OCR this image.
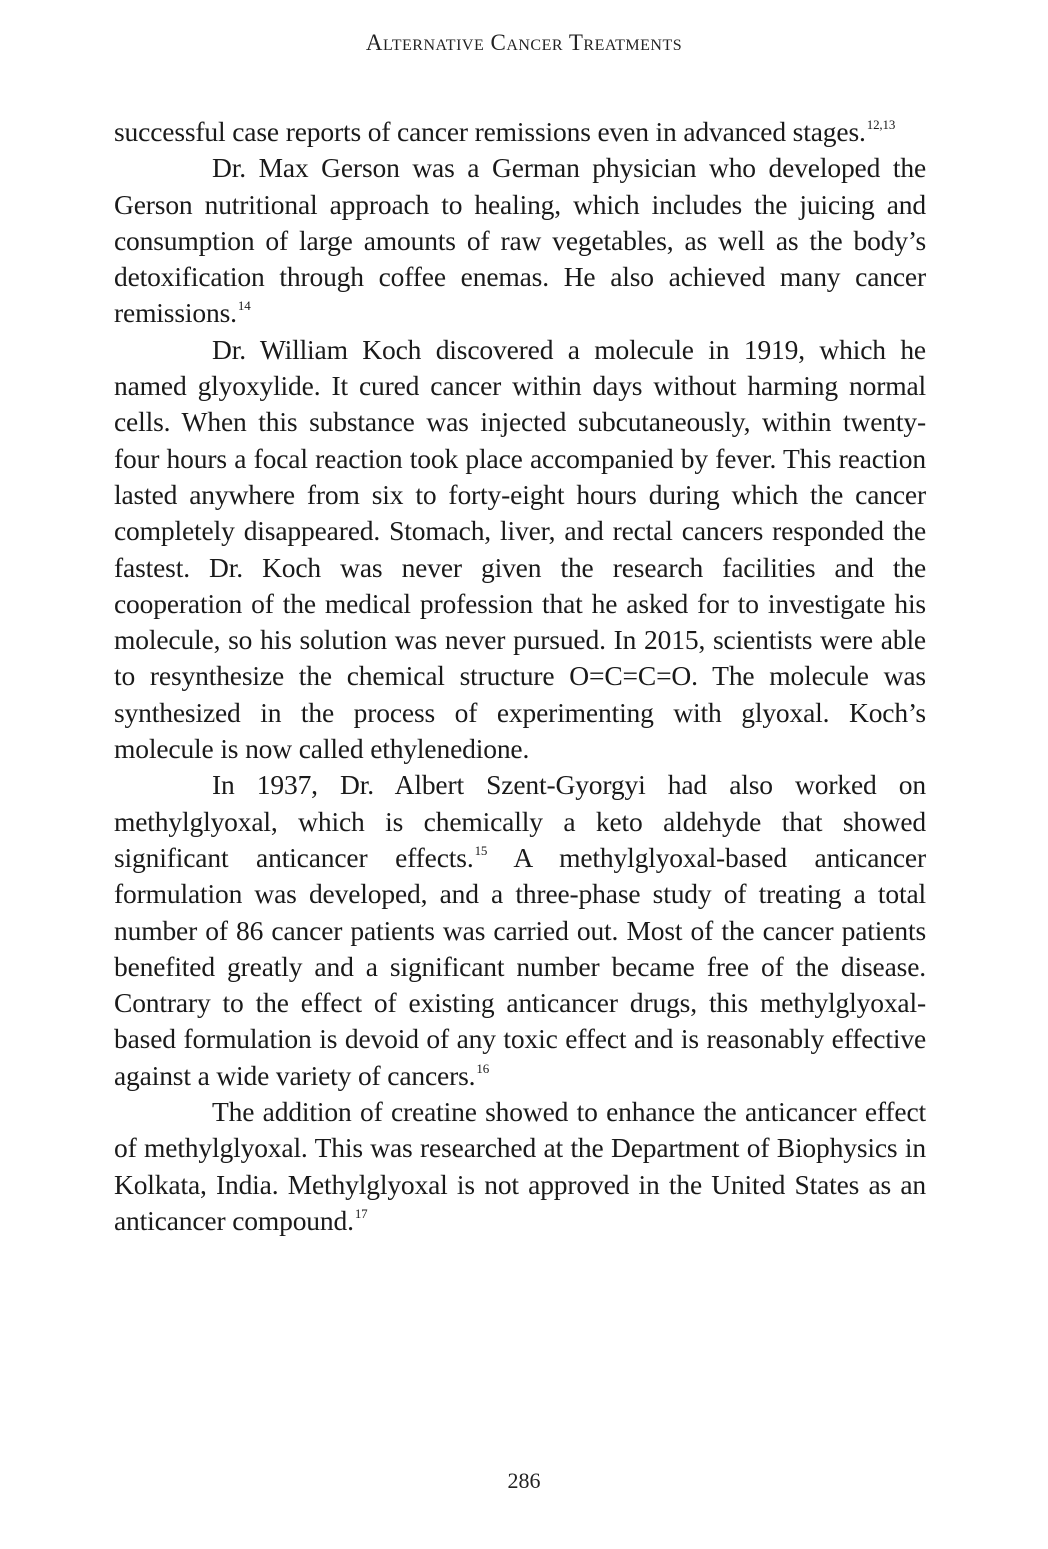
Alternative Cancer Treatments

successful case reports of cancer remissions even in advanced stages.$^{12,13}$

Dr. Max Gerson was a German physician who developed the Gerson nutritional approach to healing, which includes the juicing and consumption of large amounts of raw vegetables, as well as the body’s detoxification through coffee enemas. He also achieved many cancer remissions.$^{14}$

Dr. William Koch discovered a molecule in 1919, which he named glyoxylide. It cured cancer within days without harming normal cells. When this substance was injected subcutaneously, within twenty-four hours a focal reaction took place accompanied by fever. This reaction lasted anywhere from six to forty-eight hours during which the cancer completely disappeared. Stomach, liver, and rectal cancers responded the fastest. Dr. Koch was never given the research facilities and the cooperation of the medical profession that he asked for to investigate his molecule, so his solution was never pursued. In 2015, scientists were able to resynthesize the chemical structure O=C=C=O. The molecule was synthesized in the process of experimenting with glyoxal. Koch’s molecule is now called ethylenedione.

In 1937, Dr. Albert Szent-Gyorgyi had also worked on methylglyoxal, which is chemically a keto aldehyde that showed significant anticancer effects.$^{15}$ A methylglyoxal-based anticancer formulation was developed, and a three-phase study of treating a total number of 86 cancer patients was carried out. Most of the cancer patients benefited greatly and a significant number became free of the disease. Contrary to the effect of existing anticancer drugs, this methylglyoxal-based formulation is devoid of any toxic effect and is reasonably effective against a wide variety of cancers.$^{16}$

The addition of creatine showed to enhance the anticancer effect of methylglyoxal. This was researched at the Department of Biophysics in Kolkata, India. Methylglyoxal is not approved in the United States as an anticancer compound.$^{17}$

286
